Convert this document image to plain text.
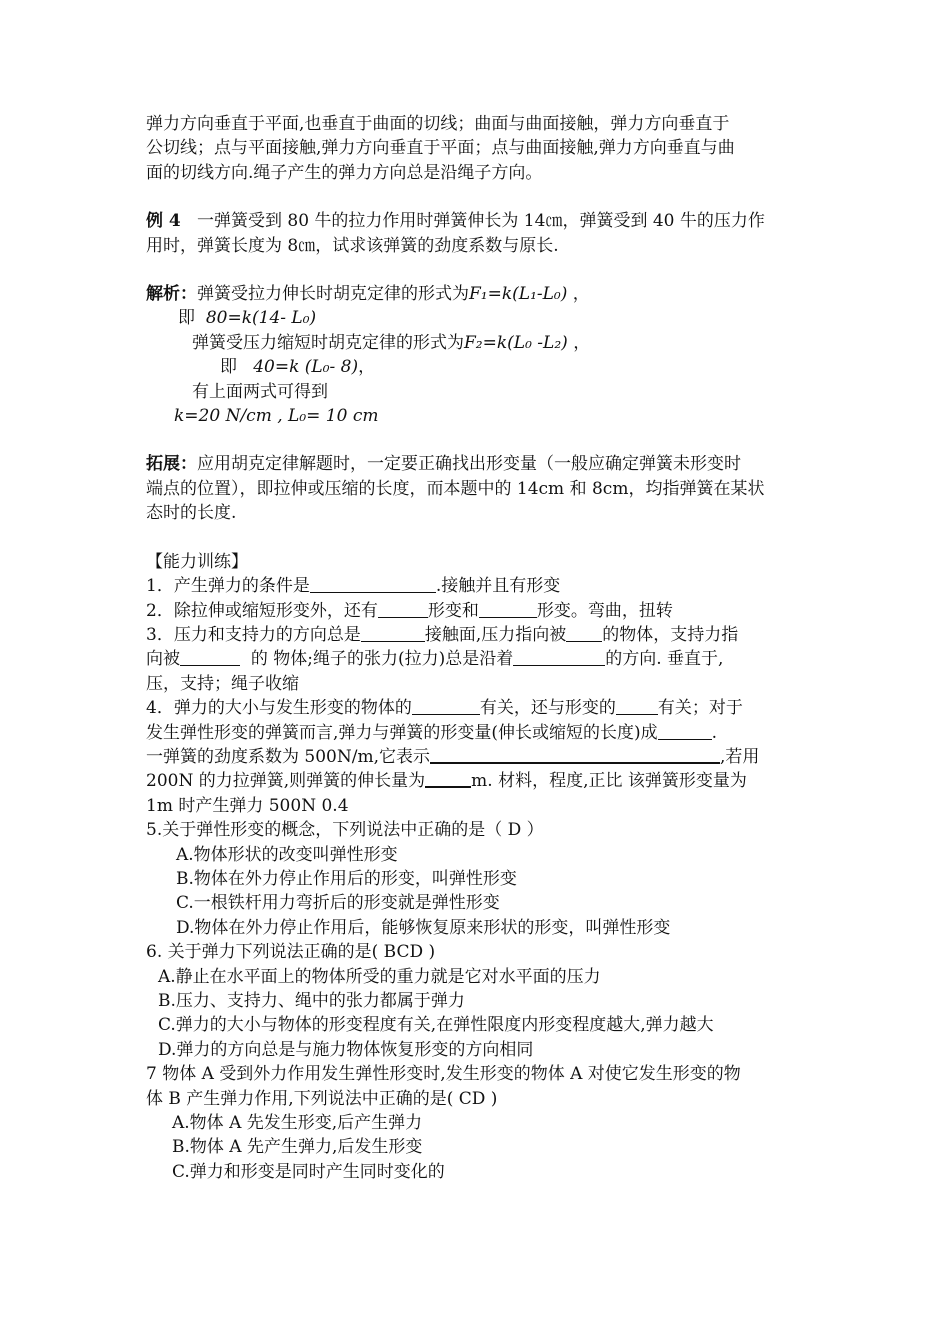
弹力方向垂直于平面,也垂直于曲面的切线；曲面与曲面接触，弹力方向垂直于

公切线；点与平面接触,弹力方向垂直于平面；点与曲面接触,弹力方向垂直与曲

面的切线方向.绳子产生的弹力方向总是沿绳子方向。

例 4 一弹簧受到 80 牛的拉力作用时弹簧伸长为 14㎝，弹簧受到 40 牛的压力作

用时，弹簧长度为 8㎝，试求该弹簧的劲度系数与原长.

解析：弹簧受拉力伸长时胡克定律的形式为F₁=k(L₁-L₀) ，

即 80=k(14- L₀)

弹簧受压力缩短时胡克定律的形式为F₂=k(L₀ -L₂) ，

即 40=k (L₀- 8)，

有上面两式可得到

k=20 N/cm , L₀= 10 cm

拓展：应用胡克定律解题时，一定要正确找出形变量（一般应确定弹簧未形变时

端点的位置），即拉伸或压缩的长度，而本题中的 14cm 和 8cm，均指弹簧在某状

态时的长度.

【能力训练】

1．产生弹力的条件是	.接触并且有形变

2．除拉伸或缩短形变外，还有	形变和	形变。弯曲，扭转

3．压力和支持力的方向总是	接触面,压力指向被 的物体，支持力指

向被	的 物体;绳子的张力(拉力)总是沿着	的方向. 垂直于,

压，支持；绳子收缩

4．弹力的大小与发生形变的物体的	有关，还与形变的 有关；对于

发生弹性形变的弹簧而言,弹力与弹簧的形变量(伸长或缩短的长度)成	.

一弹簧的劲度系数为 500N/m,它表示	,若用

200N 的力拉弹簧,则弹簧的伸长量为	m. 材料，程度,正比 该弹簧形变量为

1m 时产生弹力 500N 0.4

5.关于弹性形变的概念，下列说法中正确的是（ D ）

A.物体形状的改变叫弹性形变

B.物体在外力停止作用后的形变，叫弹性形变

C.一根铁杆用力弯折后的形变就是弹性形变

D.物体在外力停止作用后，能够恢复原来形状的形变，叫弹性形变

6. 关于弹力下列说法正确的是( BCD )

A.静止在水平面上的物体所受的重力就是它对水平面的压力

B.压力、支持力、绳中的张力都属于弹力

C.弹力的大小与物体的形变程度有关,在弹性限度内形变程度越大,弹力越大

D.弹力的方向总是与施力物体恢复形变的方向相同

7 物体 A 受到外力作用发生弹性形变时,发生形变的物体 A 对使它发生形变的物

体 B 产生弹力作用,下列说法中正确的是( CD )

A.物体 A 先发生形变,后产生弹力

B.物体 A 先产生弹力,后发生形变

C.弹力和形变是同时产生同时变化的
